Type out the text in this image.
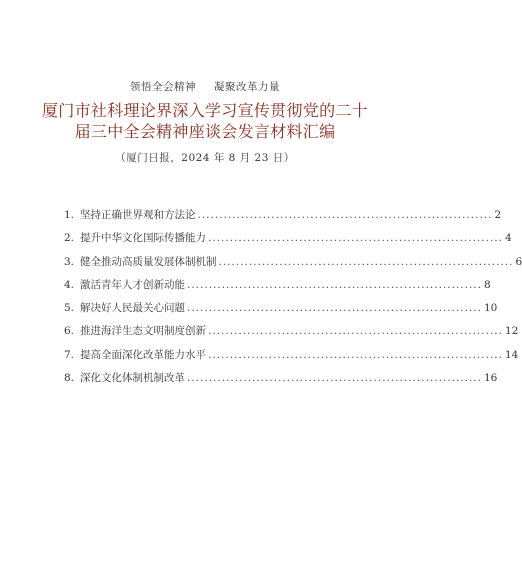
领悟全会精神 凝聚改革力量
厦门市社科理论界深入学习宣传贯彻党的二十届三中全会精神座谈会发言材料汇编
（厦门日报，2024 年 8 月 23 日）
1. 坚持正确世界观和方法论 .................................................................... 2
2. 提升中华文化国际传播能力 .................................................................... 4
3. 健全推动高质量发展体制机制 .................................................................... 6
4. 激活青年人才创新动能 .................................................................... 8
5. 解决好人民最关心问题 .................................................................... 10
6. 推进海洋生态文明制度创新 .................................................................... 12
7. 提高全面深化改革能力水平 .................................................................... 14
8. 深化文化体制机制改革 .................................................................... 16
